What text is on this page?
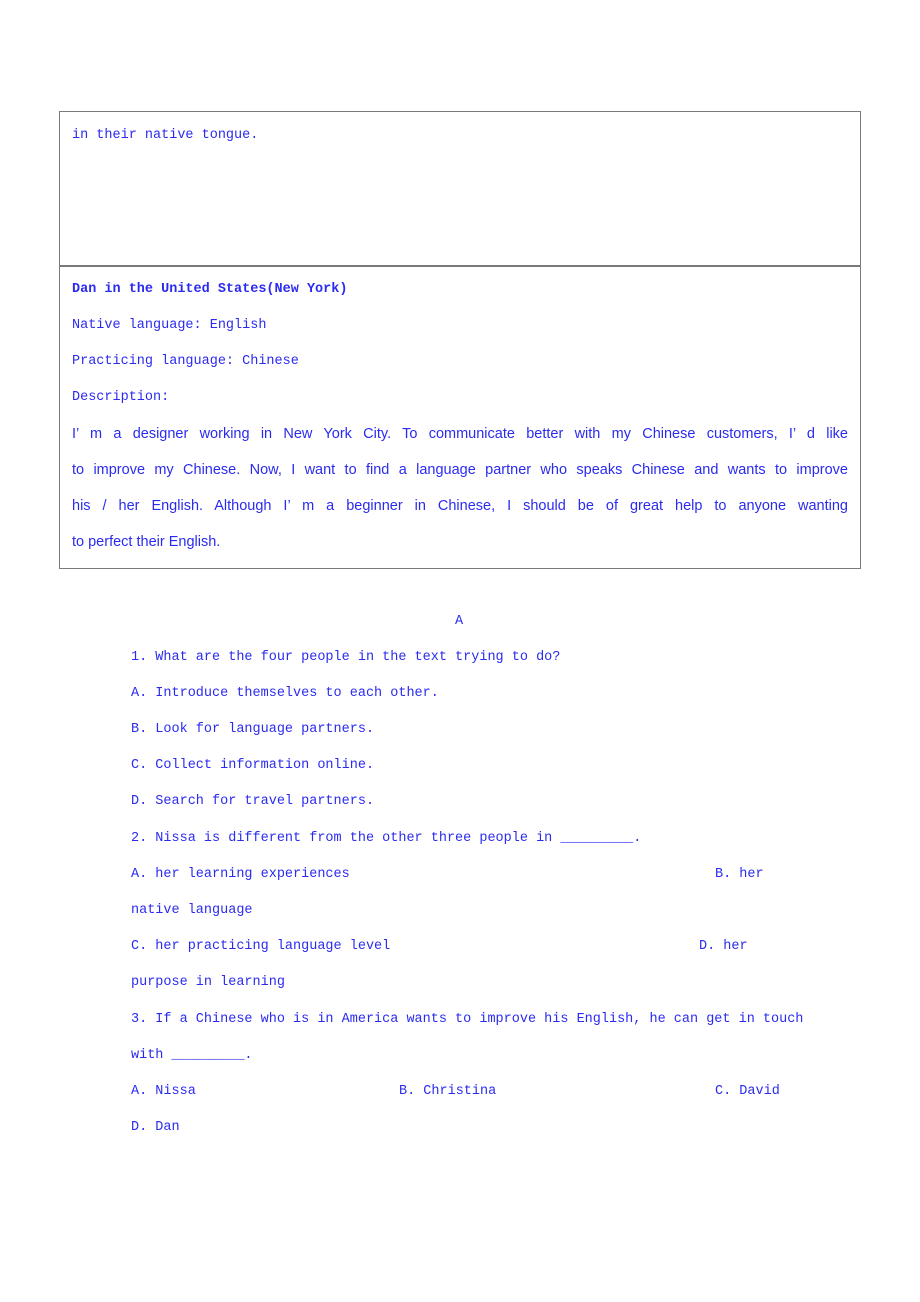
in their native tongue.
Dan in the United States(New York)
Native language: English
Practicing language: Chinese
Description:
I’ m a designer working in New York City. To communicate better with my Chinese customers, I’ d like
to improve my Chinese. Now, I want to find a language partner who speaks Chinese and wants to improve
his / her English. Although I’ m a beginner in Chinese, I should be of great help to anyone wanting
to perfect their English.
A
1. What are the four people in the text trying to do?
A. Introduce themselves to each other.
B. Look for language partners.
C. Collect information online.
D. Search for travel partners.
2. Nissa is different from the other three people in _________.
A. her learning experiences	B. her
native language
C. her practicing language level	D. her
purpose in learning
3. If a Chinese who is in America wants to improve his English, he can get in touch
with _________.
A. Nissa	B. Christina	C. David
D. Dan
